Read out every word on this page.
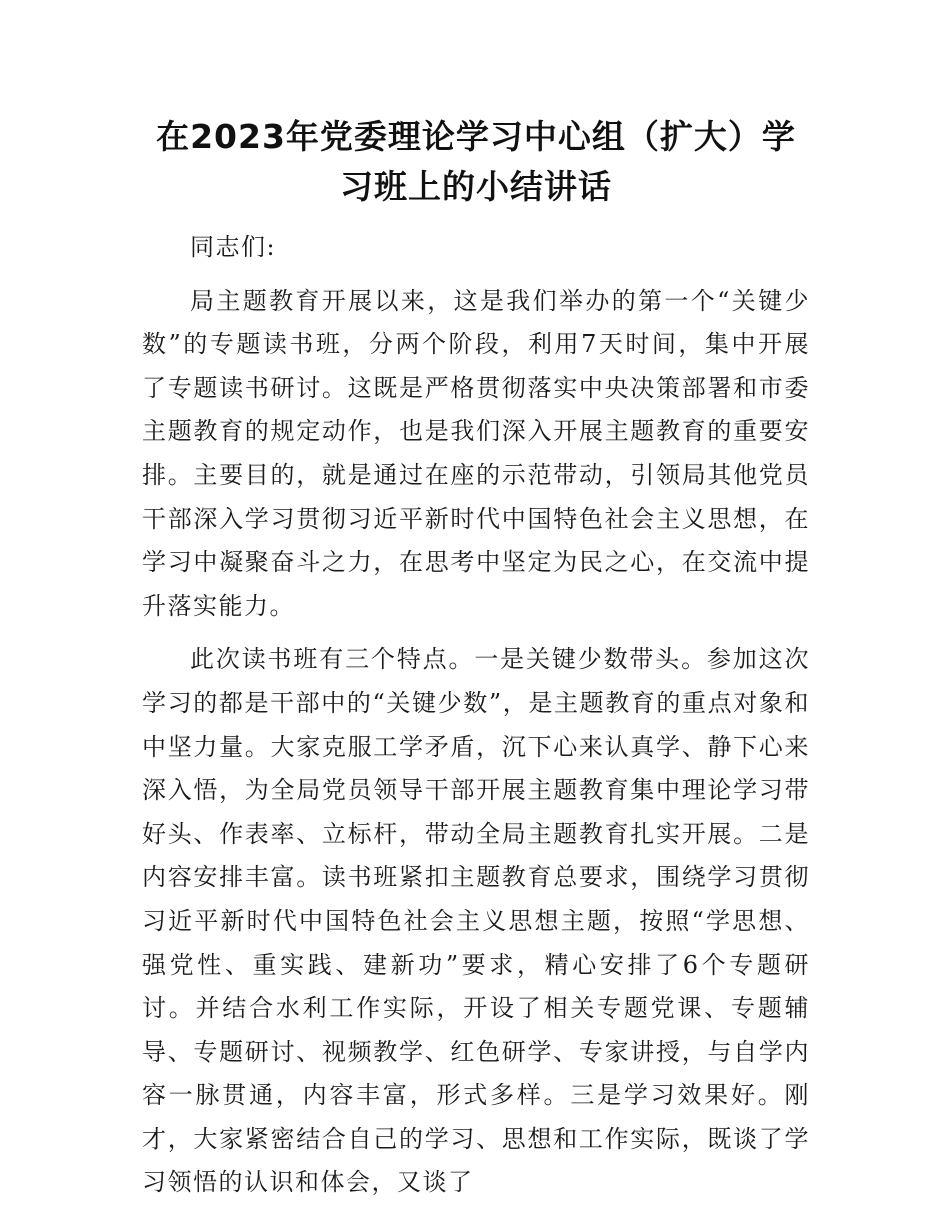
在2023年党委理论学习中心组（扩大）学习班上的小结讲话

同志们:

局主题教育开展以来，这是我们举办的第一个“关键少数”的专题读书班，分两个阶段，利用7天时间，集中开展了专题读书研讨。这既是严格贯彻落实中央决策部署和市委主题教育的规定动作，也是我们深入开展主题教育的重要安排。主要目的，就是通过在座的示范带动，引领局其他党员干部深入学习贯彻习近平新时代中国特色社会主义思想，在学习中凝聚奋斗之力，在思考中坚定为民之心，在交流中提升落实能力。

此次读书班有三个特点。一是关键少数带头。参加这次学习的都是干部中的“关键少数”，是主题教育的重点对象和中坚力量。大家克服工学矛盾，沉下心来认真学、静下心来深入悟，为全局党员领导干部开展主题教育集中理论学习带好头、作表率、立标杆，带动全局主题教育扎实开展。二是内容安排丰富。读书班紧扣主题教育总要求，围绕学习贯彻习近平新时代中国特色社会主义思想主题，按照“学思想、强党性、重实践、建新功”要求，精心安排了6个专题研讨。并结合水利工作实际，开设了相关专题党课、专题辅导、专题研讨、视频教学、红色研学、专家讲授，与自学内容一脉贯通，内容丰富，形式多样。三是学习效果好。刚才，大家紧密结合自己的学习、思想和工作实际，既谈了学习领悟的认识和体会，又谈了
